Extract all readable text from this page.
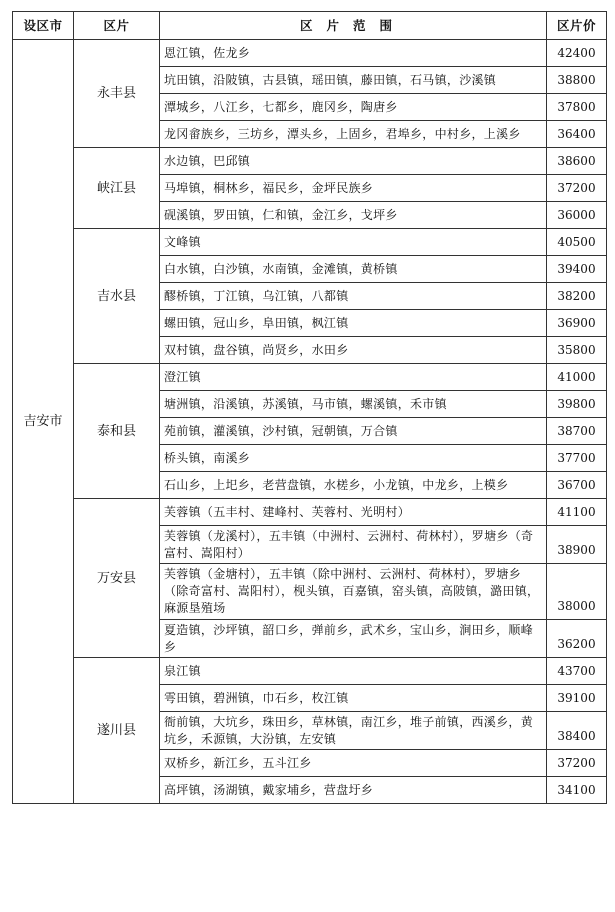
设区市	区片	区片范围	区片价
吉安市	永丰县	恩江镇，佐龙乡	42400
		坑田镇，沿陂镇，古县镇，瑶田镇，藤田镇，石马镇，沙溪镇	38800
		潭城乡，八江乡，七都乡，鹿冈乡，陶唐乡	37800
		龙冈畲族乡，三坊乡，潭头乡，上固乡，君埠乡，中村乡，上溪乡	36400
	峡江县	水边镇，巴邱镇	38600
		马埠镇，桐林乡，福民乡，金坪民族乡	37200
		砚溪镇，罗田镇，仁和镇，金江乡，戈坪乡	36000
	吉水县	文峰镇	40500
		白水镇，白沙镇，水南镇，金滩镇，黄桥镇	39400
		醪桥镇，丁江镇，乌江镇，八都镇	38200
		螺田镇，冠山乡，阜田镇，枫江镇	36900
		双村镇，盘谷镇，尚贤乡，水田乡	35800
	泰和县	澄江镇	41000
		塘洲镇，沿溪镇，苏溪镇，马市镇，螺溪镇，禾市镇	39800
		苑前镇，灌溪镇，沙村镇，冠朝镇，万合镇	38700
		桥头镇，南溪乡	37700
		石山乡，上圯乡，老营盘镇，水槎乡，小龙镇，中龙乡，上模乡	36700
	万安县	芙蓉镇（五丰村、建峰村、芙蓉村、光明村）	41100
		芙蓉镇（龙溪村），五丰镇（中洲村、云洲村、荷林村），罗塘乡（奇富村、嵩阳村）	38900
		芙蓉镇（金塘村），五丰镇（除中洲村、云洲村、荷林村），罗塘乡（除奇富村、嵩阳村），枧头镇，百嘉镇，窑头镇，高陂镇，潞田镇，麻源垦殖场	38000
		夏造镇，沙坪镇，韶口乡，弹前乡，武术乡，宝山乡，涧田乡，顺峰乡	36200
	遂川县	泉江镇	43700
		雩田镇，碧洲镇，巾石乡，枚江镇	39100
		衙前镇，大坑乡，珠田乡，草林镇，南江乡，堆子前镇，西溪乡，黄坑乡，禾源镇，大汾镇，左安镇	38400
		双桥乡，新江乡，五斗江乡	37200
		高坪镇，汤湖镇，戴家埔乡，营盘圩乡	34100
